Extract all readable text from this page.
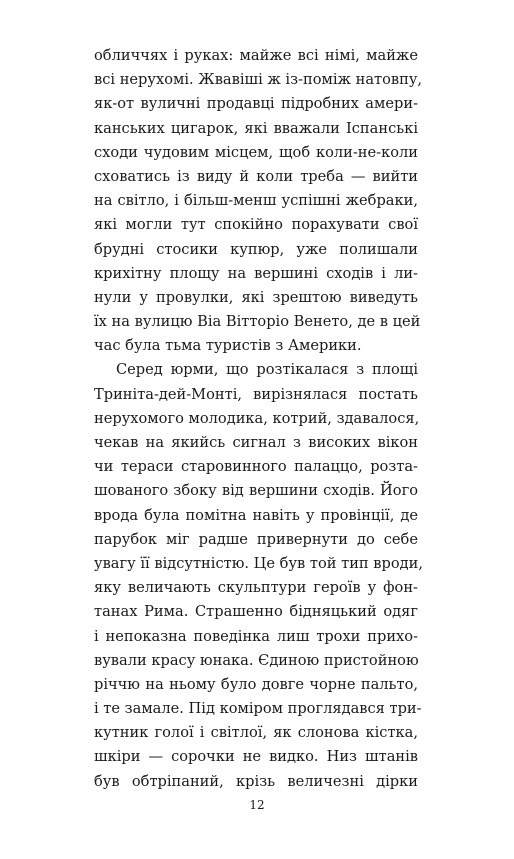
обличчях і руках: майже всі німі, майже
всі нерухомі. Жвавіші ж із-поміж натовпу,
як-от вуличні продавці підробних амери-
канських цигарок, які вважали Іспанські
сходи чудовим місцем, щоб коли-не-коли
сховатись із виду й коли треба — вийти
на світло, і більш-менш успішні жебраки,
які могли тут спокійно порахувати свої
брудні стосики купюр, уже полишали
крихітну площу на вершині сходів і ли-
нули у провулки, які зрештою виведуть
їх на вулицю Віа Вітторіо Венето, де в цей
час була тьма туристів з Америки.
Серед юрми, що розтікалася з площі
Триніта-дей-Монті, вирізнялася постать
нерухомого молодика, котрий, здавалося,
чекав на якийсь сигнал з високих вікон
чи тераси старовинного палаццо, розта-
шованого збоку від вершини сходів. Його
врода була помітна навіть у провінції, де
парубок міг радше привернути до себе
увагу її відсутністю. Це був той тип вроди,
яку величають скульптури героїв у фон-
танах Рима. Страшенно бідняцький одяг
і непоказна поведінка лиш трохи прихо-
вували красу юнака. Єдиною пристойною
річчю на ньому було довге чорне пальто,
і те замале. Під коміром проглядався три-
кутник голої і світлої, як слонова кістка,
шкіри — сорочки не видко. Низ штанів
був обтріпаний, крізь величезні дірки
12
